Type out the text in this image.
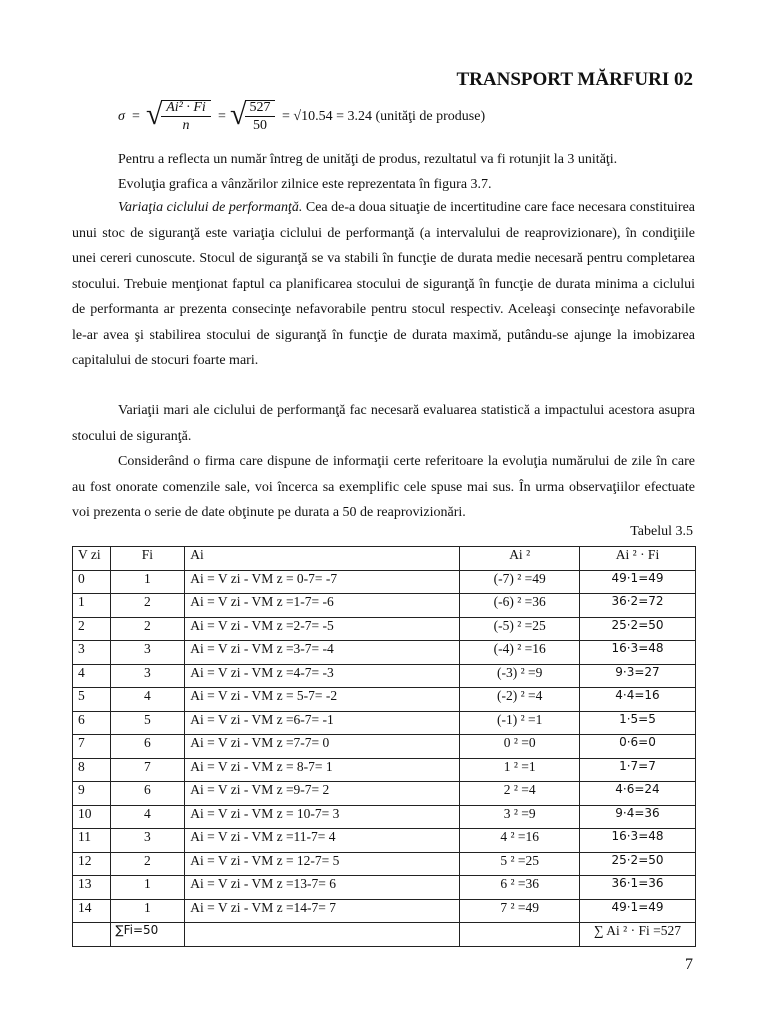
TRANSPORT MĂRFURI 02
σ = √
$\frac{\text{Ai² · Fi}}{n}$ = √
$\frac{527}{50} = √10.54 = 3.24$ (unităţi de produse)
Pentru a reflecta un număr întreg de unităţi de produs, rezultatul va fi rotunjit la 3 unităţi.
Evoluţia grafica a vânzărilor zilnice este reprezentata în figura 3.7.
Variaţia ciclului de performanţă. Cea de-a doua situaţie de incertitudine care face necesara constituirea unui stoc de siguranţă este variaţia ciclului de performanţă (a intervalului de reaprovizionare), în condiţiile unei cereri cunoscute. Stocul de siguranţă se va stabili în funcţie de durata medie necesară pentru completarea stocului. Trebuie menţionat faptul ca planificarea stocului de siguranţă în funcţie de durata minima a ciclului de performanta ar prezenta consecinţe nefavorabile pentru stocul respectiv. Aceleaşi consecinţe nefavorabile le-ar avea şi stabilirea stocului de siguranţă în funcţie de durata maximă, putându-se ajunge la imobizarea capitalului de stocuri foarte mari.
Variaţii mari ale ciclului de performanţă fac necesară evaluarea statistică a impactului acestora asupra stocului de siguranţă.
Considerând o firma care dispune de informaţii certe referitoare la evoluţia numărului de zile în care au fost onorate comenzile sale, voi încerca sa exemplific cele spuse mai sus. În urma observaţiilor efectuate voi prezenta o serie de date obţinute pe durata a 50 de reaprovizionări.
Tabelul 3.5
V zi	Fi	Ai	Ai ²	Ai ² · Fi
0	1	Ai = V zi - VM z = 0-7= -7	(-7) ² =49	49·1=49
1	2	Ai = V zi - VM z =1-7= -6	(-6) ² =36	36·2=72
2	2	Ai = V zi - VM z =2-7= -5	(-5) ² =25	25·2=50
3	3	Ai = V zi - VM z =3-7= -4	(-4) ² =16	16·3=48
4	3	Ai = V zi - VM z =4-7= -3	(-3) ² =9	9·3=27
5	4	Ai = V zi - VM z = 5-7= -2	(-2) ² =4	4·4=16
6	5	Ai = V zi - VM z =6-7= -1	(-1) ² =1	1·5=5
7	6	Ai = V zi - VM z =7-7= 0	0 ² =0	0·6=0
8	7	Ai = V zi - VM z = 8-7= 1	1 ² =1	1·7=7
9	6	Ai = V zi - VM z =9-7= 2	2 ² =4	4·6=24
10	4	Ai = V zi - VM z = 10-7= 3	3 ² =9	9·4=36
11	3	Ai = V zi - VM z =11-7= 4	4 ² =16	16·3=48
12	2	Ai = V zi - VM z = 12-7= 5	5 ² =25	25·2=50
13	1	Ai = V zi - VM z =13-7= 6	6 ² =36	36·1=36
14	1	Ai = V zi - VM z =14-7= 7	7 ² =49	49·1=49
	∑Fi=50			∑ Ai ² · Fi =527
7
